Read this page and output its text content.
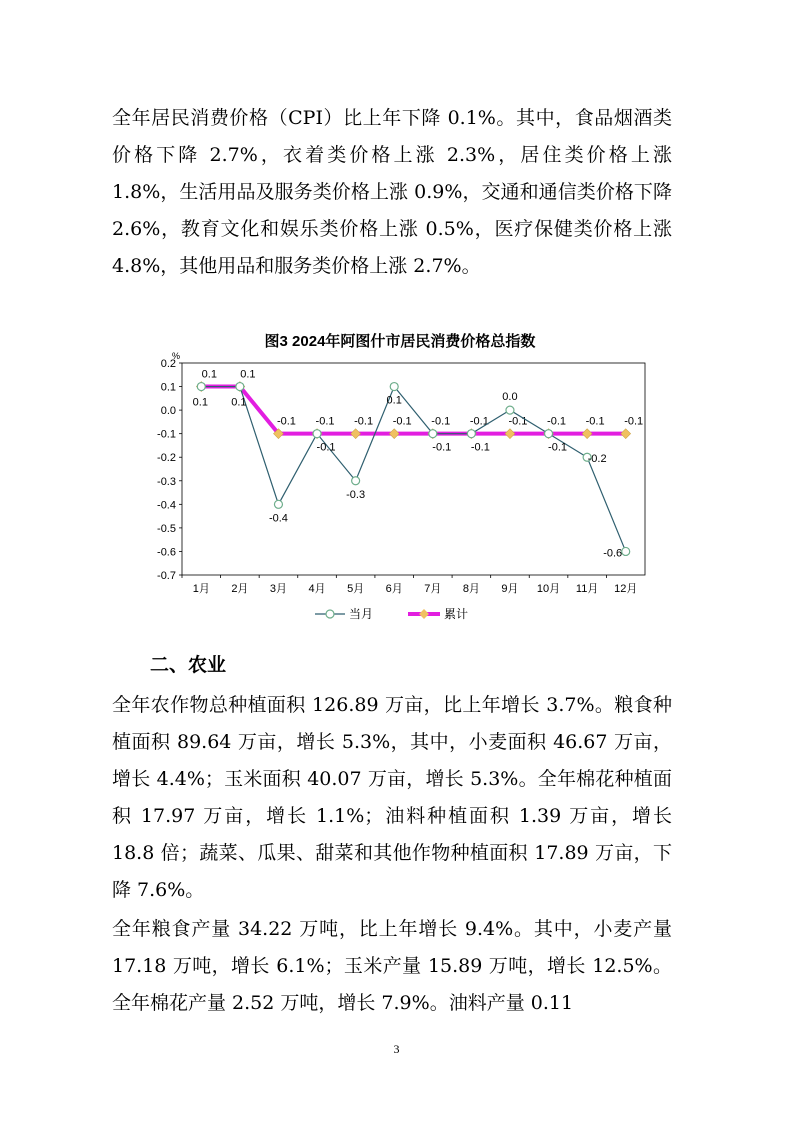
全年居民消费价格（CPI）比上年下降 0.1%。其中，食品烟酒类价格下降 2.7%，衣着类价格上涨 2.3%，居住类价格上涨 1.8%，生活用品及服务类价格上涨 0.9%，交通和通信类价格下降 2.6%，教育文化和娱乐类价格上涨 0.5%，医疗保健类价格上涨 4.8%，其他用品和服务类价格上涨 2.7%。

图3 2024年阿图什市居民消费价格总指数
%
0.2
0.1
0.0
-0.1
-0.2
-0.3
-0.4
-0.5
-0.6
-0.7
1月 2月 3月 4月 5月 6月 7月 8月 9月 10月 11月 12月
0.1 0.1
-0.1 -0.1 -0.1 -0.1 -0.1 -0.1 -0.1 -0.1 -0.1 -0.1
0.1 0.1
-0.4
-0.1
-0.3
0.1
-0.1 -0.1
0.0
-0.1
-0.2
-0.6
当月	累计

二、农业

全年农作物总种植面积 126.89 万亩，比上年增长 3.7%。粮食种植面积 89.64 万亩，增长 5.3%，其中，小麦面积 46.67 万亩，增长 4.4%；玉米面积 40.07 万亩，增长 5.3%。全年棉花种植面积 17.97 万亩，增长 1.1%；油料种植面积 1.39 万亩，增长 18.8 倍；蔬菜、瓜果、甜菜和其他作物种植面积 17.89 万亩，下降 7.6%。

全年粮食产量 34.22 万吨，比上年增长 9.4%。其中，小麦产量 17.18 万吨，增长 6.1%；玉米产量 15.89 万吨，增长 12.5%。全年棉花产量 2.52 万吨，增长 7.9%。油料产量 0.11

3
